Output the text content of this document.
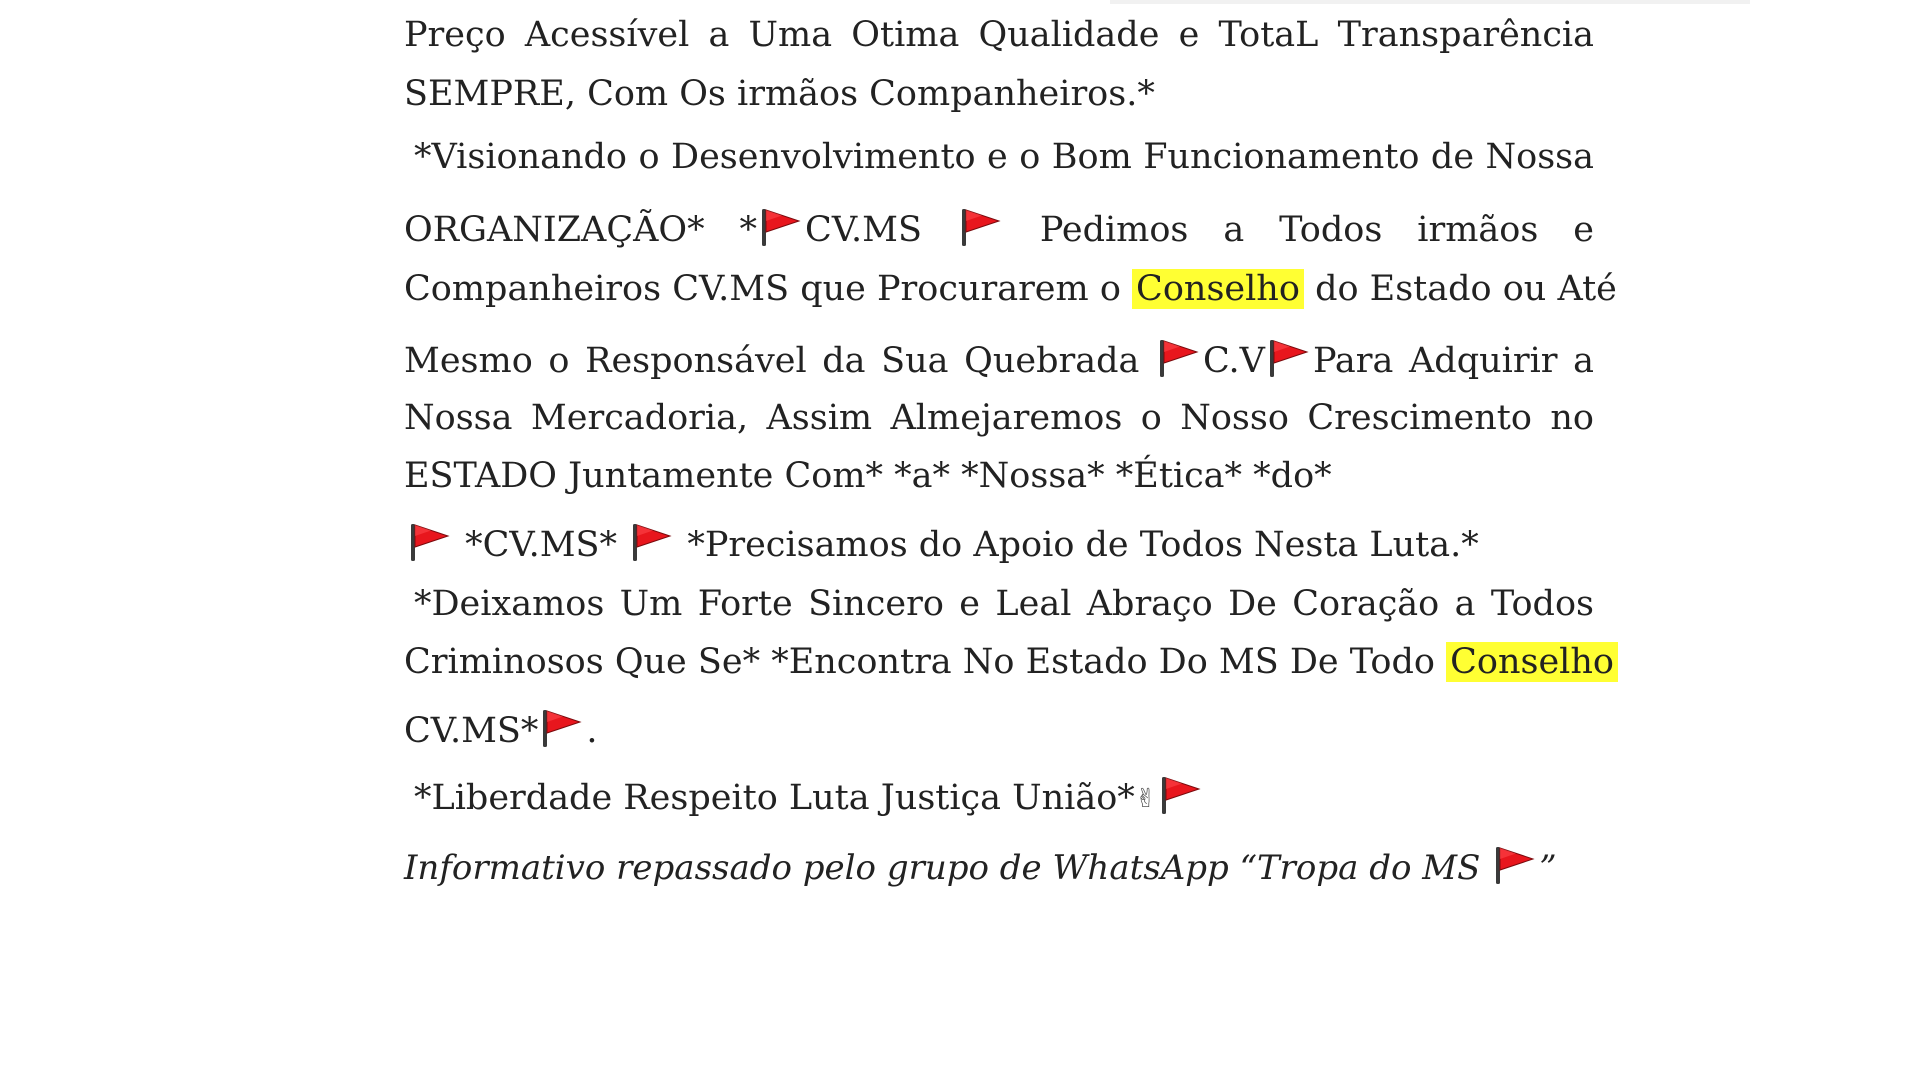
Preço Acessível a Uma Otima Qualidade e TotaL Transparência
SEMPRE, Com Os irmãos Companheiros.*
*Visionando o Desenvolvimento e o Bom Funcionamento de Nossa
ORGANIZAÇÃO* * CV.MS	Pedimos a Todos irmãos e
Companheiros CV.MS que Procurarem o Conselho do Estado ou Até
Mesmo o Responsável da Sua Quebrada C.V Para Adquirir a
Nossa Mercadoria, Assim Almejaremos o Nosso Crescimento no
ESTADO Juntamente Com* *a* *Nossa* *Ética* *do*
*CV.MS* *Precisamos do Apoio de Todos Nesta Luta.*
*Deixamos Um Forte Sincero e Leal Abraço De Coração a Todos
Criminosos Que Se* *Encontra No Estado Do MS De Todo Conselho
CV.MS* .
*Liberdade Respeito Luta Justiça União*✌
Informativo repassado pelo grupo de WhatsApp “Tropa do MS ”
